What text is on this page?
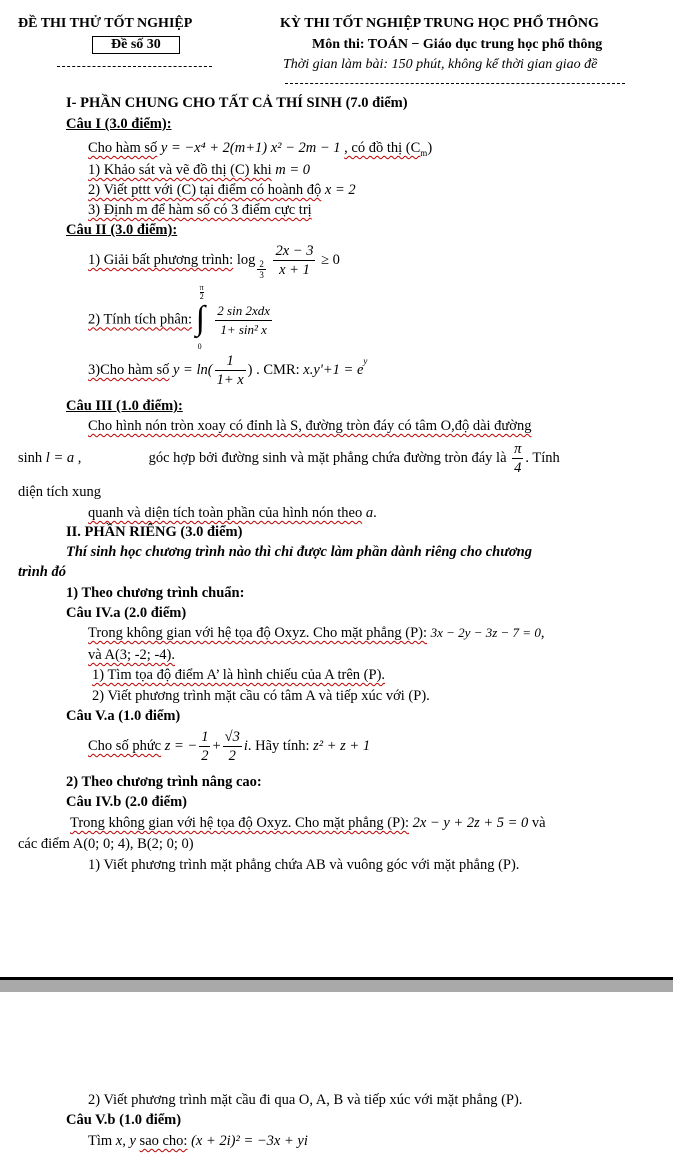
ĐỀ THI THỬ TỐT NGHIỆP	KỲ THI TỐT NGHIỆP TRUNG HỌC PHỔ THÔNG
Đề số 30	Môn thi: TOÁN − Giáo dục trung học phổ thông
Thời gian làm bài: 150 phút, không kể thời gian giao đề
I- PHẦN CHUNG CHO TẤT CẢ THÍ SINH (7.0 điểm)
Câu I (3.0 điểm):
Cho hàm số y = −x⁴ + 2(m+1) x² − 2m − 1 , có đồ thị $(C_m)$
1) Khảo sát và vẽ đồ thị (C) khi m = 0
2) Viết pttt với (C) tại điểm có hoành độ x = 2
3) Định m để hàm số có 3 điểm cực trị
Câu II (3.0 điểm):
1) Giải bất phương trình: $\log \frac{2}{3}$
$\frac{2x - 3}{x + 1} \ge 0$
2) Tính tích phân: ∫
$\frac{\pi}{2}$
0

$\frac{\text{2 sin 2xdx}}{\text{1+ sin² x}}$
3)Cho hàm số $y = \ln( \frac{1}{1+ x}$ ) . CMR: $x.y'+1 = e^y$
Câu III (1.0 điểm):
Cho hình nón tròn xoay có đỉnh là S, đường tròn đáy có tâm O,độ dài đường
sinh l = a ,	góc hợp bởi đường sinh và mặt phẳng chứa đường tròn đáy là $\frac{\pi}{4}$ . Tính
diện tích xung
quanh và diện tích toàn phần của hình nón theo a.
II. PHẦN RIÊNG (3.0 điểm)
Thí sinh học chương trình nào thì chỉ được làm phần dành riêng cho chương
trình đó
1) Theo chương trình chuẩn:
Câu IV.a (2.0 điểm)
Trong không gian với hệ tọa độ Oxyz. Cho mặt phẳng (P): 3x − 2y − 3z − 7 = 0,
và A(3; -2; -4).
1) Tìm tọa độ điểm A’ là hình chiếu của A trên (P).
2) Viết phương trình mặt cầu có tâm A và tiếp xúc với (P).
Câu V.a (1.0 điểm)
Cho số phức z = − $\frac{1}{2} + \frac{√3}{2} i$. Hãy tính: z² + z + 1
2) Theo chương trình nâng cao:
Câu IV.b (2.0 điểm)
Trong không gian với hệ tọa độ Oxyz. Cho mặt phẳng (P): 2x − y + 2z + 5 = 0 và
các điểm A(0; 0; 4), B(2; 0; 0)
1) Viết phương trình mặt phẳng chứa AB và vuông góc với mặt phẳng (P).
2) Viết phương trình mặt cầu đi qua O, A, B và tiếp xúc với mặt phẳng (P).
Câu V.b (1.0 điểm)
Tìm x, y sao cho: (x + 2i)² = −3x + yi
